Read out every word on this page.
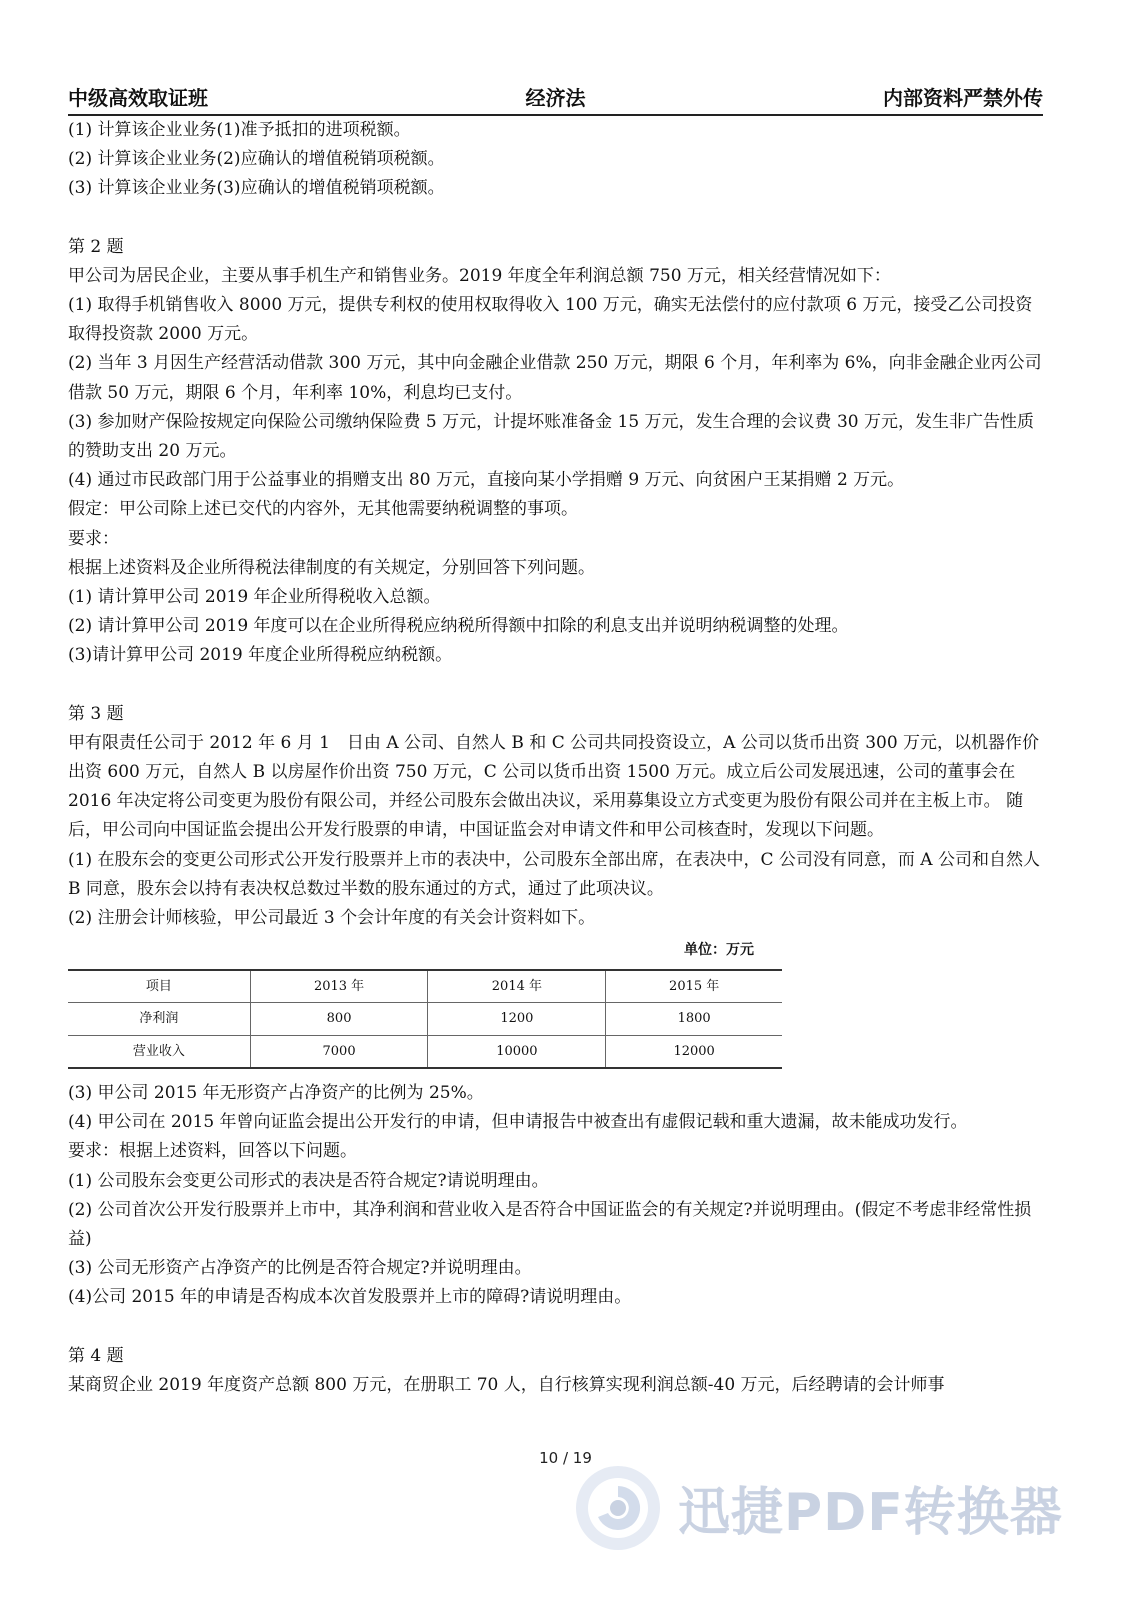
经济法
中级高效取证班	内部资料严禁外传

(1) 计算该企业业务(1)准予抵扣的进项税额。

(2) 计算该企业业务(2)应确认的增值税销项税额。

(3) 计算该企业业务(3)应确认的增值税销项税额。

第 2 题

甲公司为居民企业，主要从事手机生产和销售业务。2019 年度全年利润总额 750 万元，相关经营情况如下：

(1) 取得手机销售收入 8000 万元，提供专利权的使用权取得收入 100 万元，确实无法偿付的应付款项 6 万元，接受乙公司投资取得投资款 2000 万元。

(2) 当年 3 月因生产经营活动借款 300 万元，其中向金融企业借款 250 万元，期限 6 个月，年利率为 6%，向非金融企业丙公司借款 50 万元，期限 6 个月，年利率 10%，利息均已支付。

(3) 参加财产保险按规定向保险公司缴纳保险费 5 万元，计提坏账准备金 15 万元，发生合理的会议费 30 万元，发生非广告性质的赞助支出 20 万元。

(4) 通过市民政部门用于公益事业的捐赠支出 80 万元，直接向某小学捐赠 9 万元、向贫困户王某捐赠 2 万元。

假定：甲公司除上述已交代的内容外，无其他需要纳税调整的事项。

要求：

根据上述资料及企业所得税法律制度的有关规定，分别回答下列问题。

(1) 请计算甲公司 2019 年企业所得税收入总额。

(2) 请计算甲公司 2019 年度可以在企业所得税应纳税所得额中扣除的利息支出并说明纳税调整的处理。

(3)请计算甲公司 2019 年度企业所得税应纳税额。

第 3 题

甲有限责任公司于 2012 年 6 月 1　日由 A 公司、自然人 B 和 C 公司共同投资设立，A 公司以货币出资 300 万元，以机器作价出资 600 万元，自然人 B 以房屋作价出资 750 万元，C 公司以货币出资 1500 万元。成立后公司发展迅速，公司的董事会在 2016 年决定将公司变更为股份有限公司，并经公司股东会做出决议，采用募集设立方式变更为股份有限公司并在主板上市。 随后，甲公司向中国证监会提出公开发行股票的申请，中国证监会对申请文件和甲公司核查时，发现以下问题。

(1) 在股东会的变更公司形式公开发行股票并上市的表决中，公司股东全部出席，在表决中，C 公司没有同意，而 A 公司和自然人 B 同意，股东会以持有表决权总数过半数的股东通过的方式，通过了此项决议。

(2) 注册会计师核验，甲公司最近 3 个会计年度的有关会计资料如下。

单位：万元
项目	2013 年	2014 年	2015 年
净利润	800	1200	1800
营业收入	7000	10000	12000

(3) 甲公司 2015 年无形资产占净资产的比例为 25%。

(4) 甲公司在 2015 年曾向证监会提出公开发行的申请，但申请报告中被查出有虚假记载和重大遗漏，故未能成功发行。

要求：根据上述资料，回答以下问题。

(1) 公司股东会变更公司形式的表决是否符合规定?请说明理由。

(2) 公司首次公开发行股票并上市中，其净利润和营业收入是否符合中国证监会的有关规定?并说明理由。(假定不考虑非经常性损益)

(3) 公司无形资产占净资产的比例是否符合规定?并说明理由。

(4)公司 2015 年的申请是否构成本次首发股票并上市的障碍?请说明理由。

第 4 题

某商贸企业 2019 年度资产总额 800 万元，在册职工 70 人，自行核算实现利润总额-40 万元，后经聘请的会计师事

10 / 19
迅捷PDF转换器
